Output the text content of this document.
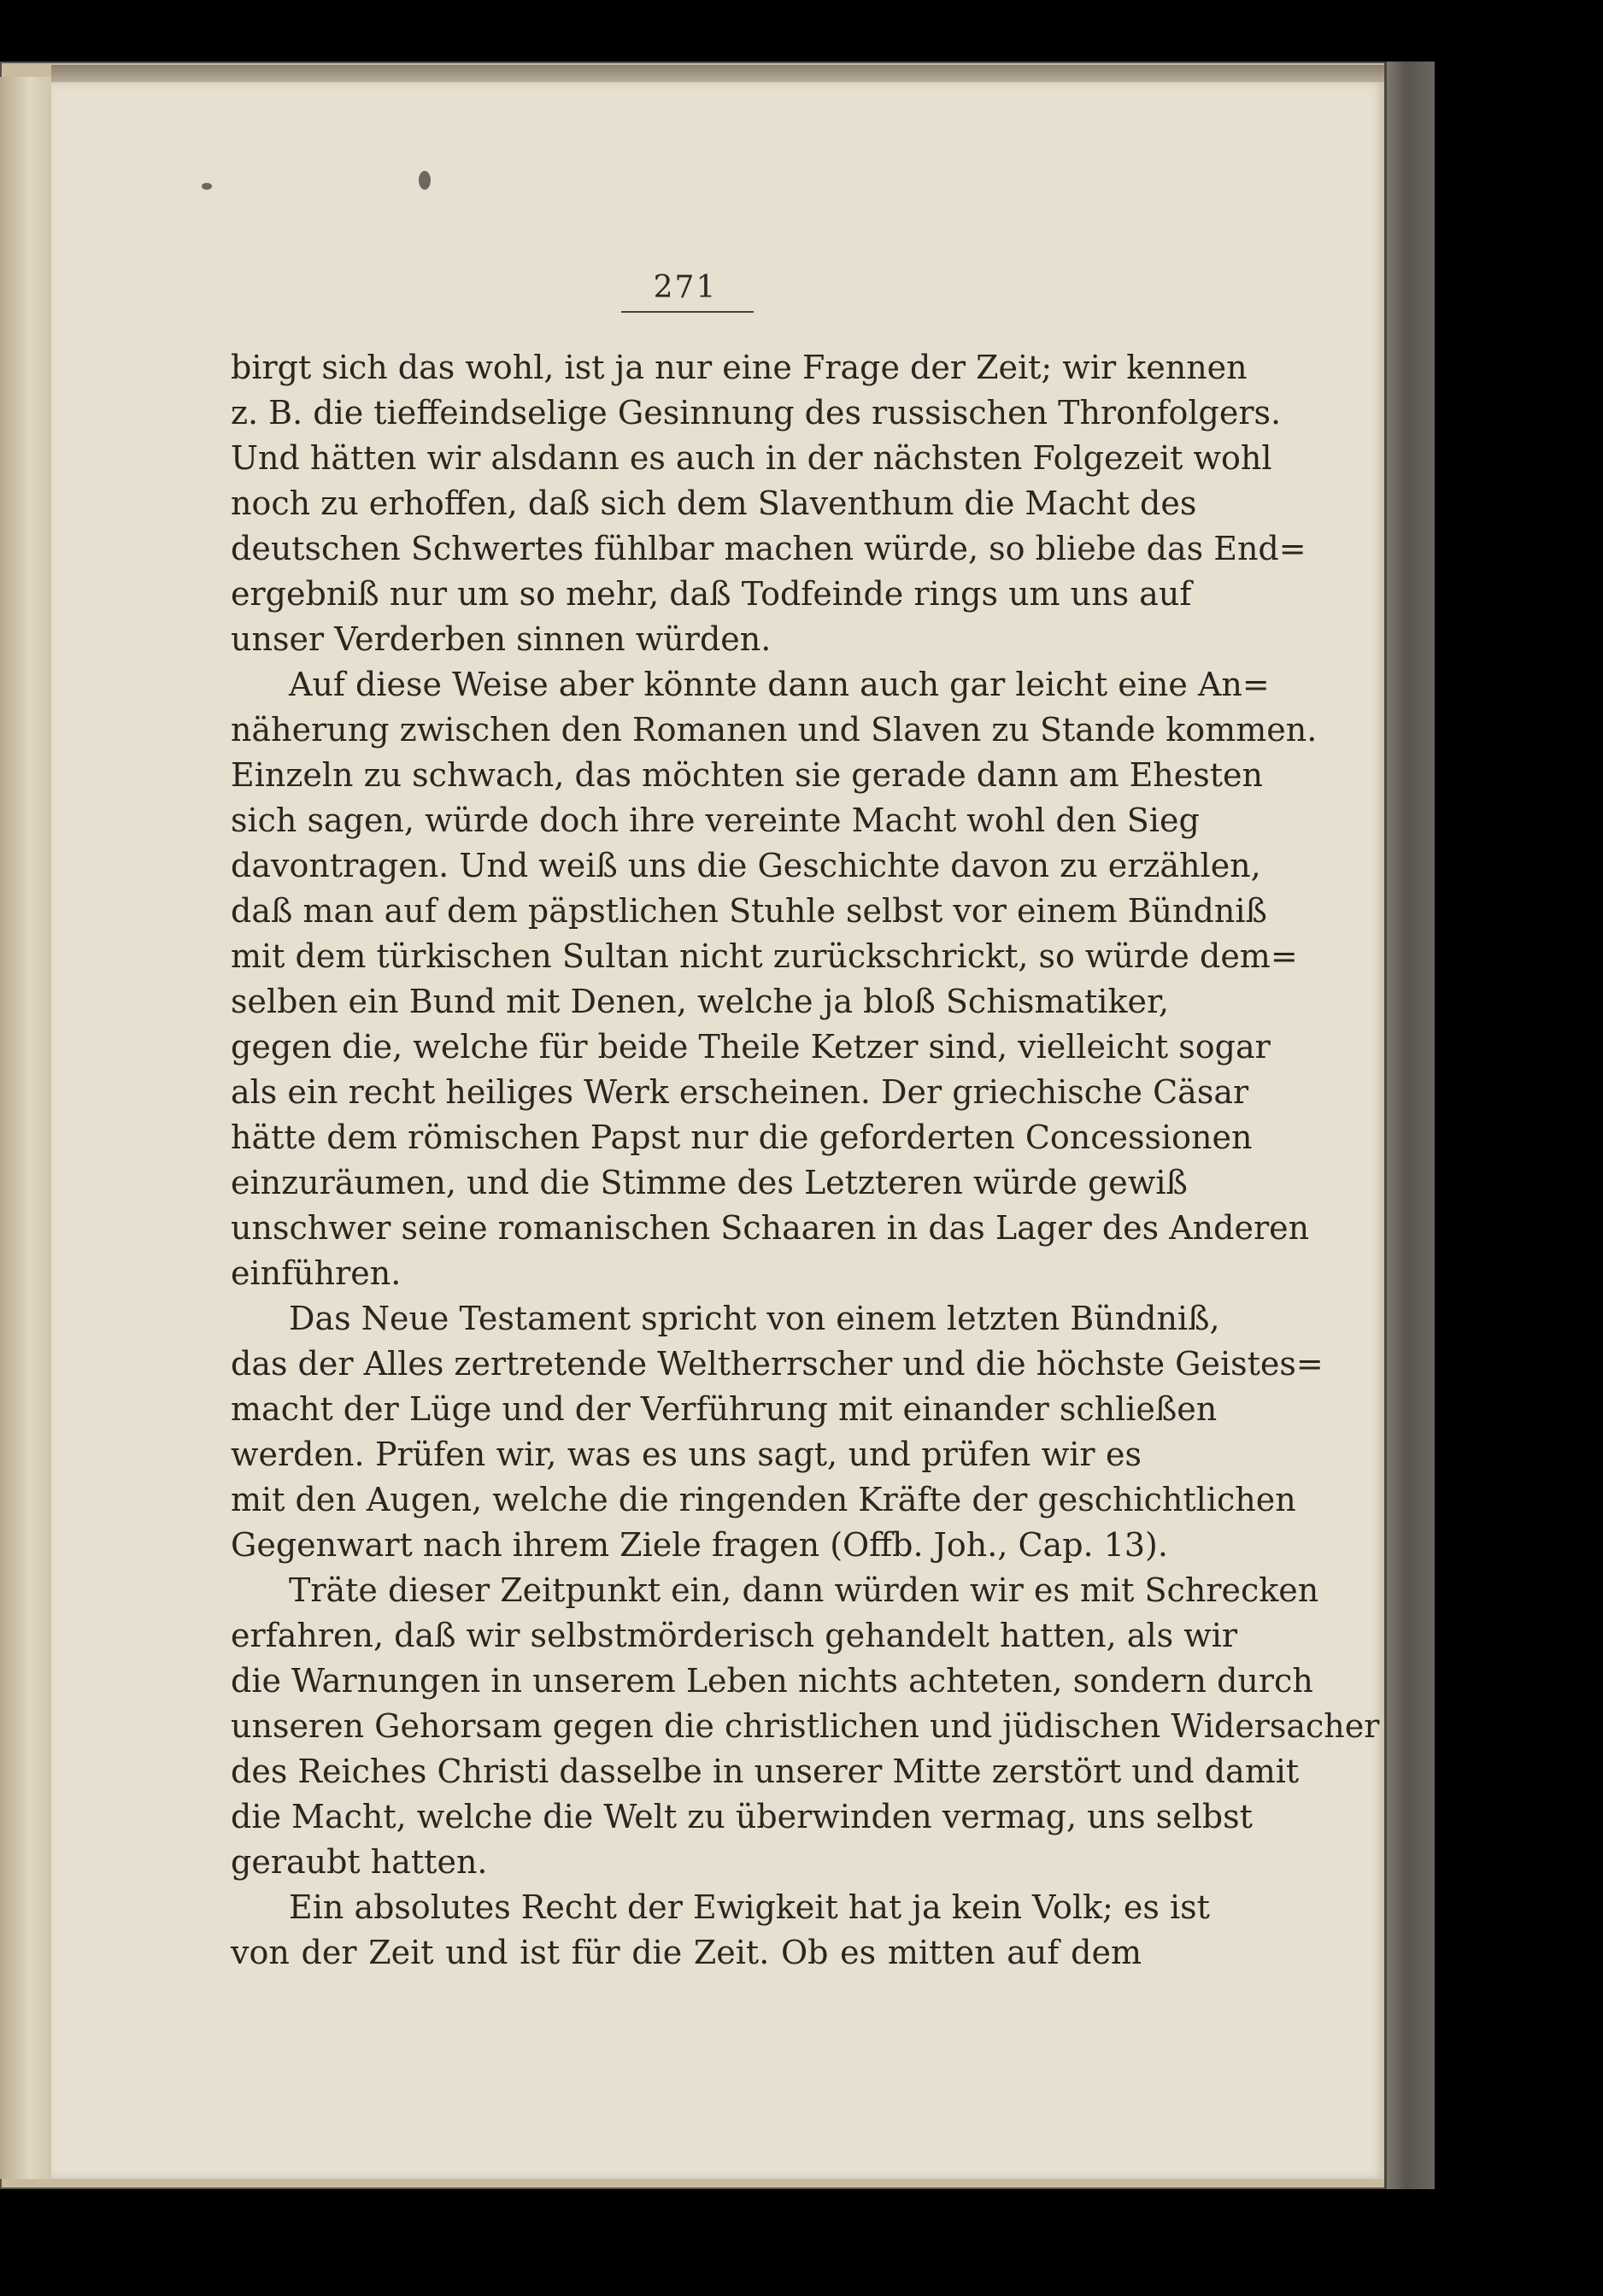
271
birgt sich das wohl, ist ja nur eine Frage der Zeit; wir kennen
z. B. die tieffeindselige Gesinnung des russischen Thronfolgers.
Und hätten wir alsdann es auch in der nächsten Folgezeit wohl
noch zu erhoffen, daß sich dem Slaventhum die Macht des
deutschen Schwertes fühlbar machen würde, so bliebe das End=
ergebniß nur um so mehr, daß Todfeinde rings um uns auf
unser Verderben sinnen würden.
Auf diese Weise aber könnte dann auch gar leicht eine An=
näherung zwischen den Romanen und Slaven zu Stande kommen.
Einzeln zu schwach, das möchten sie gerade dann am Ehesten
sich sagen, würde doch ihre vereinte Macht wohl den Sieg
davontragen. Und weiß uns die Geschichte davon zu erzählen,
daß man auf dem päpstlichen Stuhle selbst vor einem Bündniß
mit dem türkischen Sultan nicht zurückschrickt, so würde dem=
selben ein Bund mit Denen, welche ja bloß Schismatiker,
gegen die, welche für beide Theile Ketzer sind, vielleicht sogar
als ein recht heiliges Werk erscheinen. Der griechische Cäsar
hätte dem römischen Papst nur die geforderten Concessionen
einzuräumen, und die Stimme des Letzteren würde gewiß
unschwer seine romanischen Schaaren in das Lager des Anderen
einführen.
Das Neue Testament spricht von einem letzten Bündniß,
das der Alles zertretende Weltherrscher und die höchste Geistes=
macht der Lüge und der Verführung mit einander schließen
werden. Prüfen wir, was es uns sagt, und prüfen wir es
mit den Augen, welche die ringenden Kräfte der geschichtlichen
Gegenwart nach ihrem Ziele fragen (Offb. Joh., Cap. 13).
Träte dieser Zeitpunkt ein, dann würden wir es mit Schrecken
erfahren, daß wir selbstmörderisch gehandelt hatten, als wir
die Warnungen in unserem Leben nichts achteten, sondern durch
unseren Gehorsam gegen die christlichen und jüdischen Widersacher
des Reiches Christi dasselbe in unserer Mitte zerstört und damit
die Macht, welche die Welt zu überwinden vermag, uns selbst
geraubt hatten.
Ein absolutes Recht der Ewigkeit hat ja kein Volk; es ist
von der Zeit und ist für die Zeit. Ob es mitten auf dem
